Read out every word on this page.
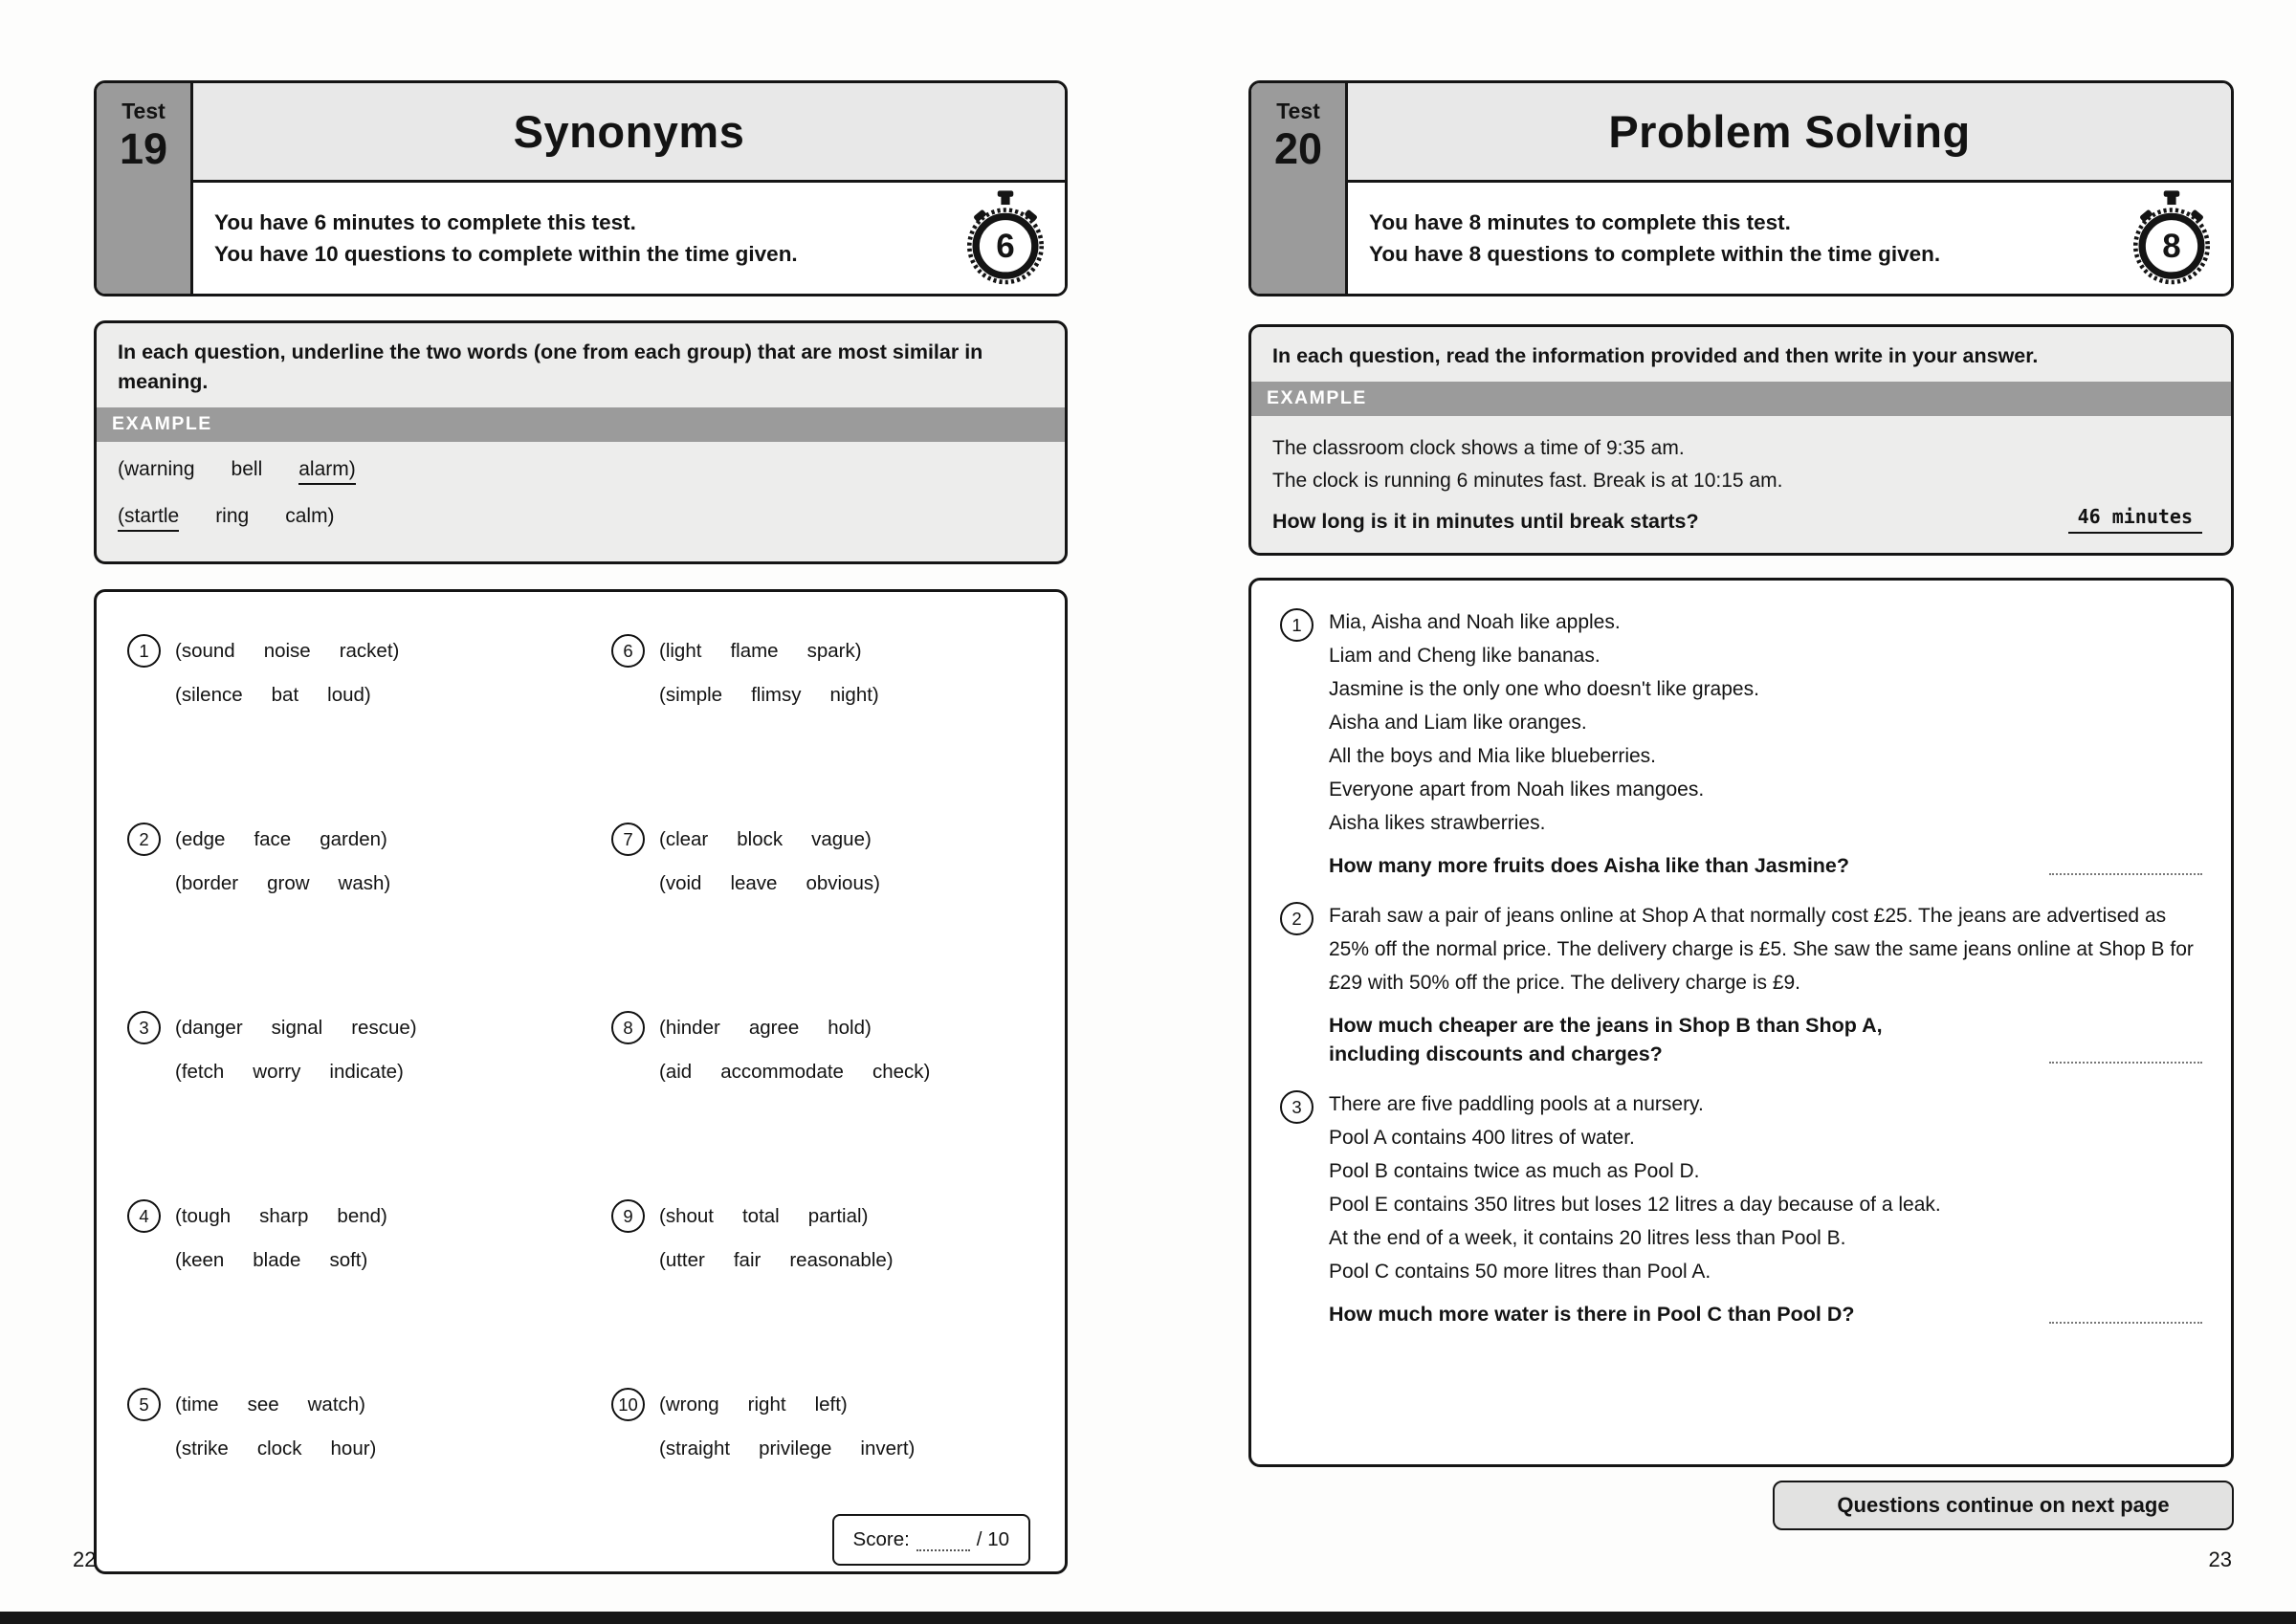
Test
19	Synonyms

You have 6 minutes to complete this test.

You have 10 questions to complete within the time given.	6

In each question, underline the two words (one from each group) that are most similar in meaning.

EXAMPLE
(warning bell alarm)
(startle ring calm)
1	(sound noise racket)
(silence bat loud)
2	(edge face garden)
(border grow wash)
3	(danger signal rescue)
(fetch worry indicate)
4	(tough sharp bend)
(keen blade soft)
5	(time see watch)
(strike clock hour)
6	(light flame spark)
(simple flimsy night)
7	(clear block vague)
(void leave obvious)
8	(hinder agree hold)
(aid accommodate check)
9	(shout total partial)
(utter fair reasonable)
10	(wrong right left)
(straight privilege invert)
Score:	/ 10
22
Test
20	Problem Solving

You have 8 minutes to complete this test.

You have 8 questions to complete within the time given.	8

In each question, read the information provided and then write in your answer.

EXAMPLE
The classroom clock shows a time of 9:35 am.
The clock is running 6 minutes fast. Break is at 10:15 am.
How long is it in minutes until break starts?	46 minutes
1	Mia, Aisha and Noah like apples.
Liam and Cheng like bananas.
Jasmine is the only one who doesn't like grapes.
Aisha and Liam like oranges.
All the boys and Mia like blueberries.
Everyone apart from Noah likes mangoes.
Aisha likes strawberries.
How many more fruits does Aisha like than Jasmine?
2	Farah saw a pair of jeans online at Shop A that normally cost £25. The jeans are advertised as 25% off the normal price. The delivery charge is £5. She saw the same jeans online at Shop B for £29 with 50% off the price. The delivery charge is £9.
How much cheaper are the jeans in Shop B than Shop A, including discounts and charges?
3	There are five paddling pools at a nursery.
Pool A contains 400 litres of water.
Pool B contains twice as much as Pool D.
Pool E contains 350 litres but loses 12 litres a day because of a leak.
At the end of a week, it contains 20 litres less than Pool B.
Pool C contains 50 more litres than Pool A.
How much more water is there in Pool C than Pool D?
Questions continue on next page
23
